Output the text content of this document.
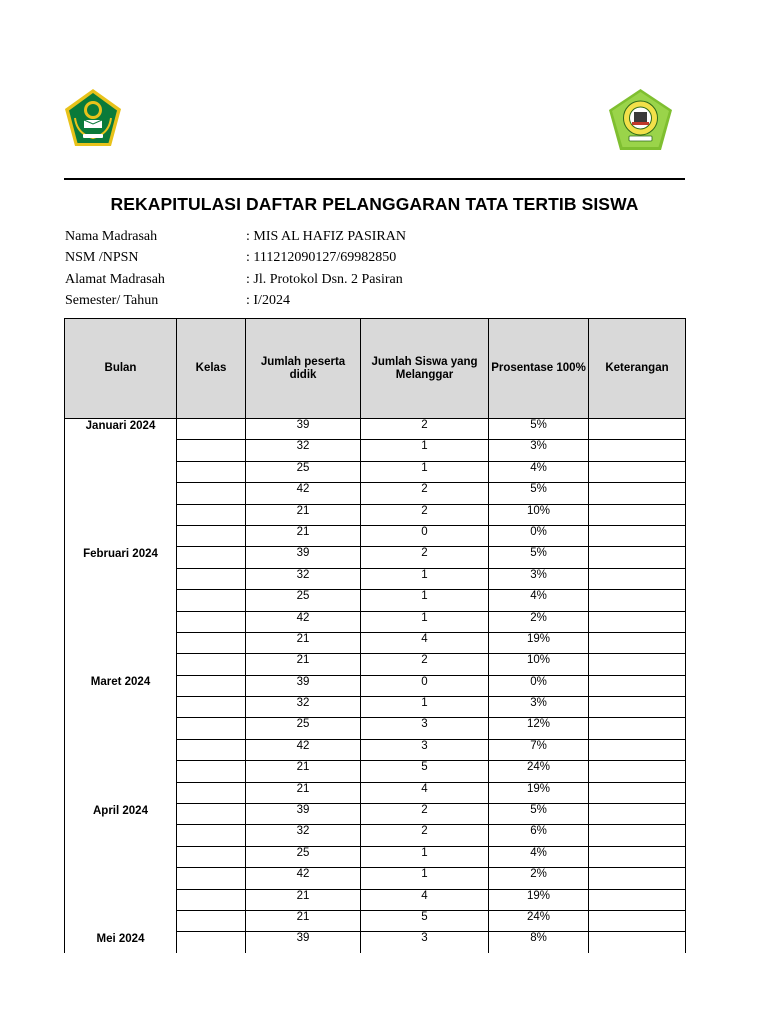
REKAPITULASI DAFTAR PELANGGARAN TATA TERTIB SISWA
Nama Madrasah	: MIS AL HAFIZ PASIRAN
NSM /NPSN	: 111212090127/69982850
Alamat Madrasah	: Jl. Protokol Dsn. 2 Pasiran
Semester/ Tahun	: I/2024
Bulan	Kelas	Jumlah peserta didik	Jumlah Siswa yang Melanggar	Prosentase 100%	Keterangan
Januari 2024		39	2	5%	
		32	1	3%	
		25	1	4%	
		42	2	5%	
		21	2	10%	
		21	0	0%	
Februari 2024		39	2	5%	
		32	1	3%	
		25	1	4%	
		42	1	2%	
		21	4	19%	
		21	2	10%	
Maret 2024		39	0	0%	
		32	1	3%	
		25	3	12%	
		42	3	7%	
		21	5	24%	
		21	4	19%	
April 2024		39	2	5%	
		32	2	6%	
		25	1	4%	
		42	1	2%	
		21	4	19%	
		21	5	24%	
Mei 2024		39	3	8%	
